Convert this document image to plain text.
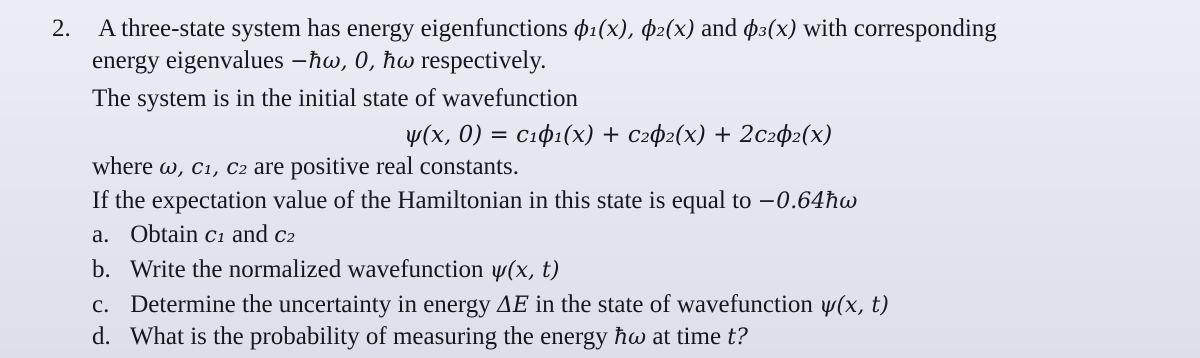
2. A three-state system has energy eigenfunctions ϕ₁(x), ϕ₂(x) and ϕ₃(x) with corresponding
energy eigenvalues −ħω, 0, ħω respectively.
The system is in the initial state of wavefunction
ψ(x, 0) = c₁ϕ₁(x) + c₂ϕ₂(x) + 2c₂ϕ₂(x)
where ω, c₁, c₂ are positive real constants.
If the expectation value of the Hamiltonian in this state is equal to −0.64ħω
a. Obtain c₁ and c₂
b. Write the normalized wavefunction ψ(x, t)
c. Determine the uncertainty in energy ΔE in the state of wavefunction ψ(x, t)
d. What is the probability of measuring the energy ħω at time t?
